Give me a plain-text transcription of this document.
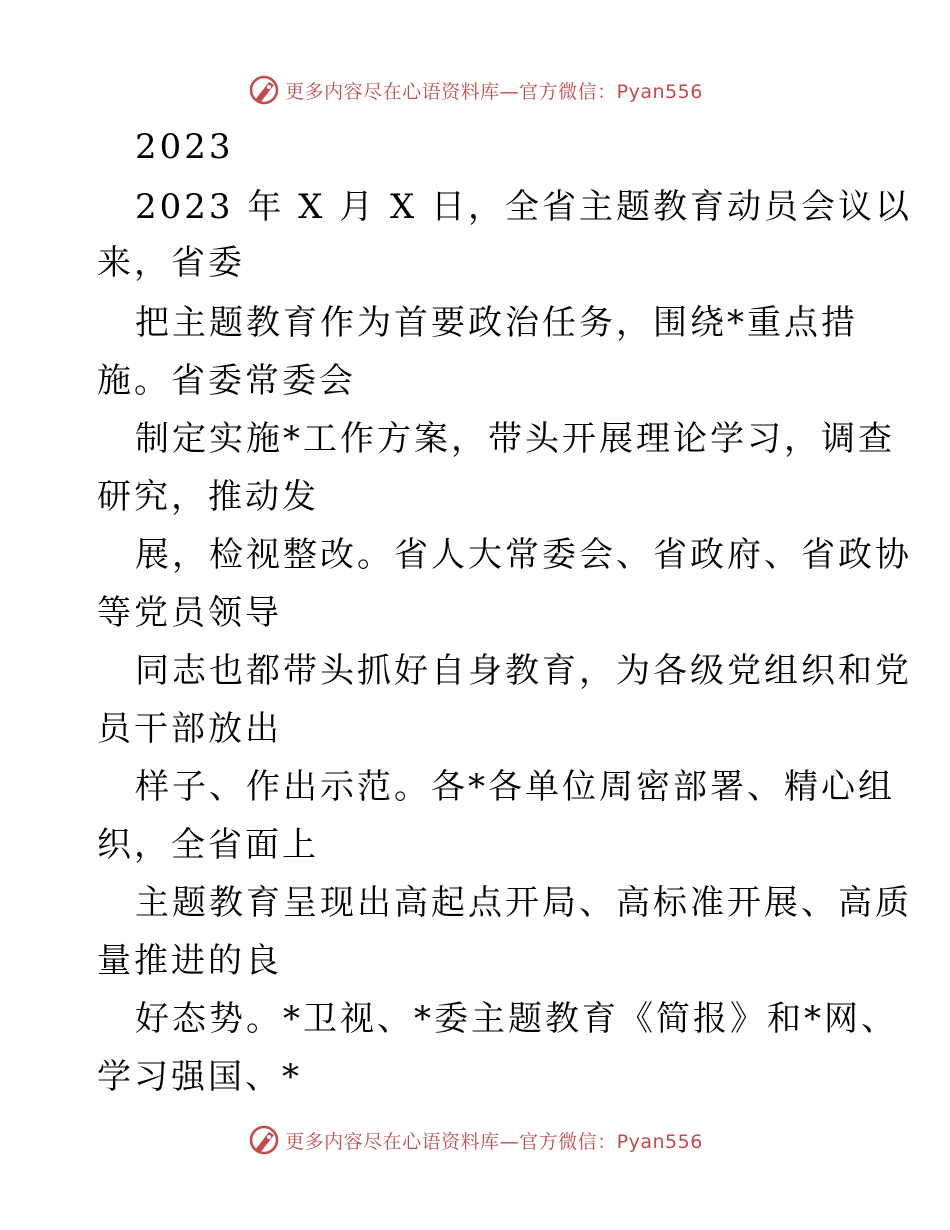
更多内容尽在心语资料库—官方微信：Pyan556
2023
2023 年 X 月 X 日，全省主题教育动员会议以
来，省委
把主题教育作为首要政治任务，围绕*重点措
施。省委常委会
制定实施*工作方案，带头开展理论学习，调查
研究，推动发
展，检视整改。省人大常委会、省政府、省政协
等党员领导
同志也都带头抓好自身教育，为各级党组织和党
员干部放出
样子、作出示范。各*各单位周密部署、精心组
织，全省面上
主题教育呈现出高起点开局、高标准开展、高质
量推进的良
好态势。*卫视、*委主题教育《简报》和*网、
学习强国、*
更多内容尽在心语资料库—官方微信：Pyan556
